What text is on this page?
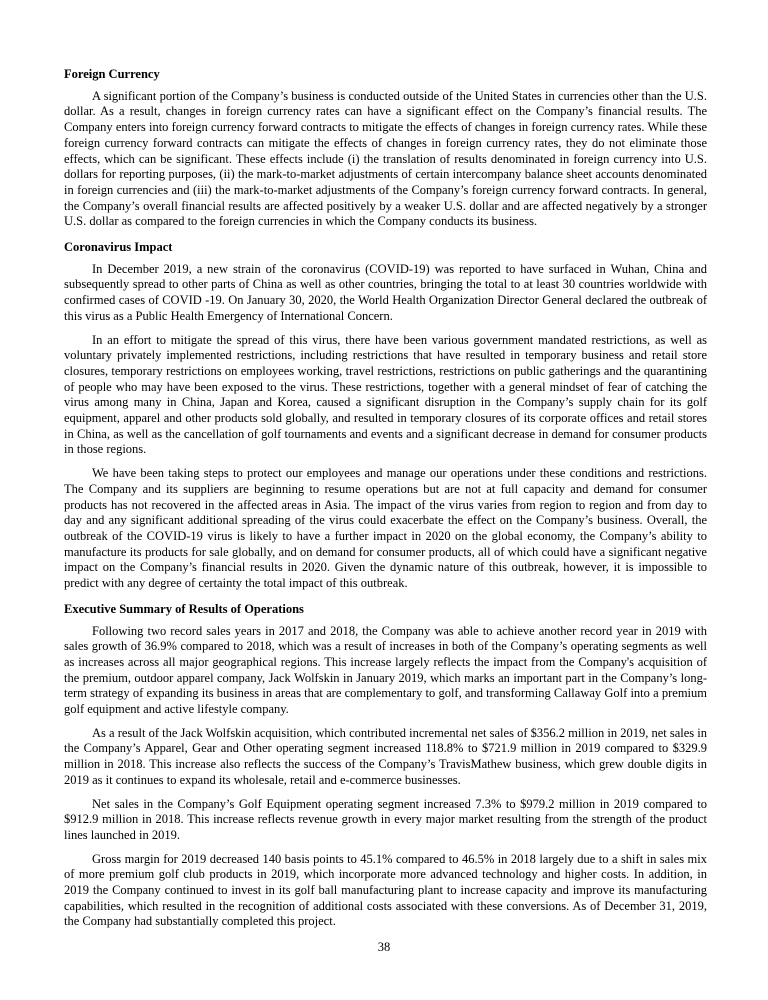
Foreign Currency

A significant portion of the Company’s business is conducted outside of the United States in currencies other than the U.S. dollar. As a result, changes in foreign currency rates can have a significant effect on the Company’s financial results. The Company enters into foreign currency forward contracts to mitigate the effects of changes in foreign currency rates. While these foreign currency forward contracts can mitigate the effects of changes in foreign currency rates, they do not eliminate those effects, which can be significant. These effects include (i) the translation of results denominated in foreign currency into U.S. dollars for reporting purposes, (ii) the mark-to-market adjustments of certain intercompany balance sheet accounts denominated in foreign currencies and (iii) the mark-to-market adjustments of the Company’s foreign currency forward contracts. In general, the Company’s overall financial results are affected positively by a weaker U.S. dollar and are affected negatively by a stronger U.S. dollar as compared to the foreign currencies in which the Company conducts its business.

Coronavirus Impact

In December 2019, a new strain of the coronavirus (COVID-19) was reported to have surfaced in Wuhan, China and subsequently spread to other parts of China as well as other countries, bringing the total to at least 30 countries worldwide with confirmed cases of COVID -19. On January 30, 2020, the World Health Organization Director General declared the outbreak of this virus as a Public Health Emergency of International Concern.

In an effort to mitigate the spread of this virus, there have been various government mandated restrictions, as well as voluntary privately implemented restrictions, including restrictions that have resulted in temporary business and retail store closures, temporary restrictions on employees working, travel restrictions, restrictions on public gatherings and the quarantining of people who may have been exposed to the virus. These restrictions, together with a general mindset of fear of catching the virus among many in China, Japan and Korea, caused a significant disruption in the Company’s supply chain for its golf equipment, apparel and other products sold globally, and resulted in temporary closures of its corporate offices and retail stores in China, as well as the cancellation of golf tournaments and events and a significant decrease in demand for consumer products in those regions.

We have been taking steps to protect our employees and manage our operations under these conditions and restrictions. The Company and its suppliers are beginning to resume operations but are not at full capacity and demand for consumer products has not recovered in the affected areas in Asia. The impact of the virus varies from region to region and from day to day and any significant additional spreading of the virus could exacerbate the effect on the Company’s business. Overall, the outbreak of the COVID-19 virus is likely to have a further impact in 2020 on the global economy, the Company’s ability to manufacture its products for sale globally, and on demand for consumer products, all of which could have a significant negative impact on the Company’s financial results in 2020. Given the dynamic nature of this outbreak, however, it is impossible to predict with any degree of certainty the total impact of this outbreak.

Executive Summary of Results of Operations

Following two record sales years in 2017 and 2018, the Company was able to achieve another record year in 2019 with sales growth of 36.9% compared to 2018, which was a result of increases in both of the Company’s operating segments as well as increases across all major geographical regions. This increase largely reflects the impact from the Company's acquisition of the premium, outdoor apparel company, Jack Wolfskin in January 2019, which marks an important part in the Company’s long-term strategy of expanding its business in areas that are complementary to golf, and transforming Callaway Golf into a premium golf equipment and active lifestyle company.

As a result of the Jack Wolfskin acquisition, which contributed incremental net sales of $356.2 million in 2019, net sales in the Company’s Apparel, Gear and Other operating segment increased 118.8% to $721.9 million in 2019 compared to $329.9 million in 2018. This increase also reflects the success of the Company’s TravisMathew business, which grew double digits in 2019 as it continues to expand its wholesale, retail and e-commerce businesses.

Net sales in the Company’s Golf Equipment operating segment increased 7.3% to $979.2 million in 2019 compared to $912.9 million in 2018. This increase reflects revenue growth in every major market resulting from the strength of the product lines launched in 2019.

Gross margin for 2019 decreased 140 basis points to 45.1% compared to 46.5% in 2018 largely due to a shift in sales mix of more premium golf club products in 2019, which incorporate more advanced technology and higher costs. In addition, in 2019 the Company continued to invest in its golf ball manufacturing plant to increase capacity and improve its manufacturing capabilities, which resulted in the recognition of additional costs associated with these conversions. As of December 31, 2019, the Company had substantially completed this project.

38
